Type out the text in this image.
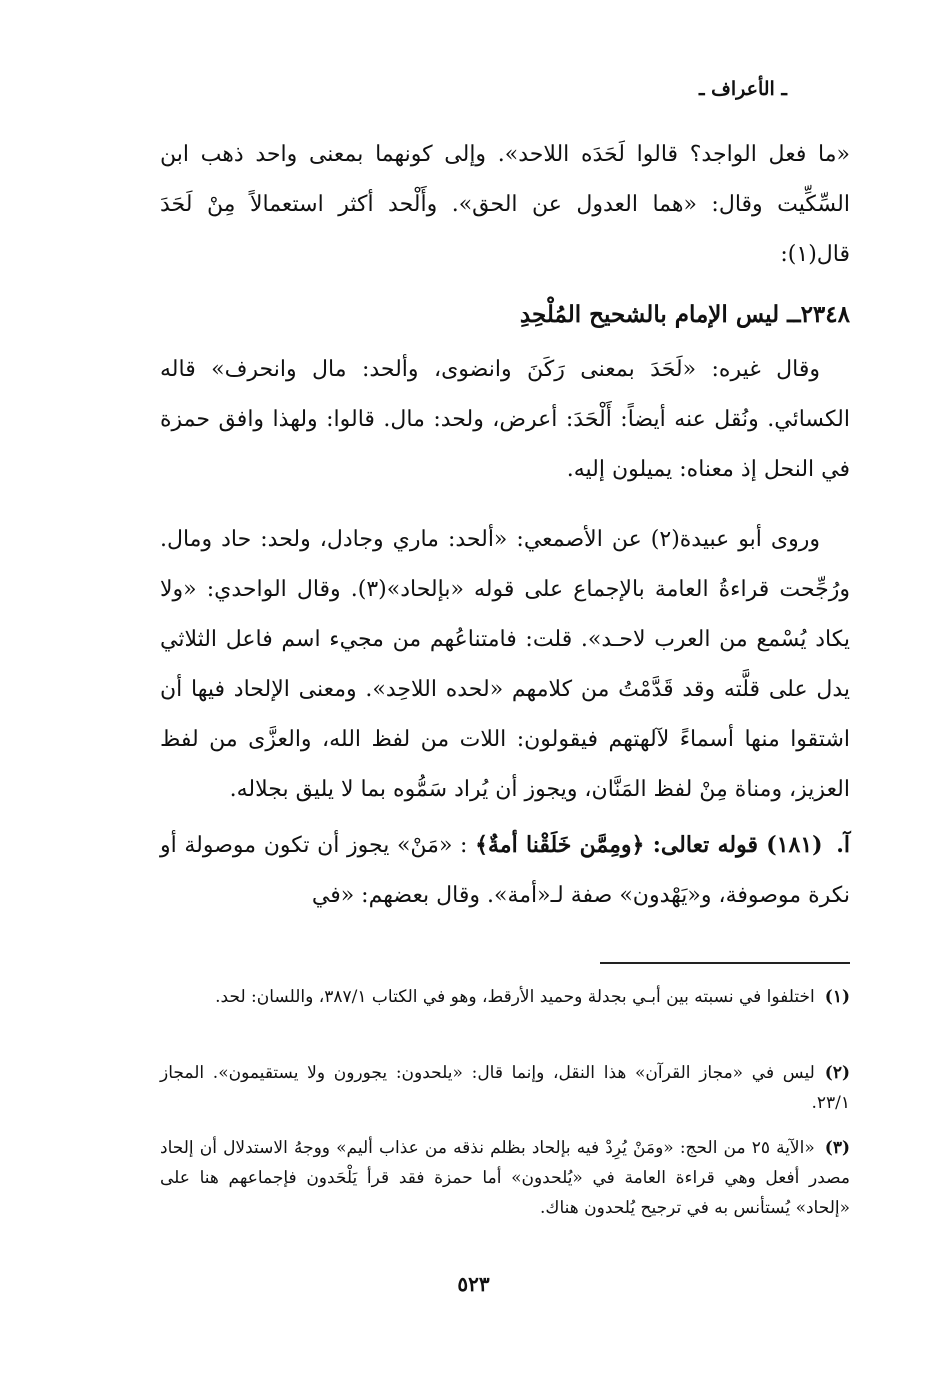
ـ الأعراف ـ

«ما فعل الواجد؟ قالوا لَحَدَه اللاحد». وإلى كونهما بمعنى واحد ذهب ابن السِّكِّيت وقال: «هما العدول عن الحق». وأَلْحد أكثر استعمالاً مِنْ لَحَدَ قال(١):

٢٣٤٨ــ ليس الإمام بالشحيح المُلْحِدِ

وقال غيره: «لَحَدَ بمعنى رَكَنَ وانضوى، وألحد: مال وانحرف» قاله الكسائي. ونُقل عنه أيضاً: أَلْحَدَ: أعرض، ولحد: مال. قالوا: ولهذا وافق حمزة في النحل إذ معناه: يميلون إليه.

وروى أبو عبيدة(٢) عن الأصمعي: «ألحد: ماري وجادل، ولحد: حاد ومال. ورُجِّحت قراءةُ العامة بالإجماع على قوله «بإلحاد»(٣). وقال الواحدي: «ولا يكاد يُسْمع من العرب لاحـد». قلت: فامتناعُهم من مجيء اسم فاعل الثلاثي يدل على قلَّته وقد قَدَّمْتُ من كلامهم «لحده اللاحِد». ومعنى الإلحاد فيها أن اشتقوا منها أسماءً لآلهتهم فيقولون: اللات من لفظ الله، والعزَّى من لفظ العزيز، ومناة مِنْ لفظ المَنَّان، ويجوز أن يُراد سَمُّوه بما لا يليق بجلاله.

آ. (١٨١) قوله تعالى: ﴿ومِمَّن خَلَقْنا أمةٌ﴾ : «مَنْ» يجوز أن تكون موصولة أو نكرة موصوفة، و«يَهْدون» صفة لـ«أمة». وقال بعضهم: «في

(١)اختلفوا في نسبته بين أبـي بجدلة وحميد الأرقط، وهو في الكتاب ٣٨٧/١، واللسان: لحد.

(٢)ليس في «مجاز القرآن» هذا النقل، وإنما قال: «يلحدون: يجورون ولا يستقيمون». المجاز ٢٣/١.

(٣)«الآية ٢٥ من الحج: «ومَنْ يُرِدْ فيه بإلحاد بظلم نذقه من عذاب أليم» ووجهُ الاستدلال أن إلحاد مصدر أفعل وهي قراءة العامة في «يُلحدون» أما حمزة فقد قرأ يَلْحَدون فإجماعهم هنا على «إلحاد» يُستأنس به في ترجيح يُلحدون هناك.

٥٢٣
